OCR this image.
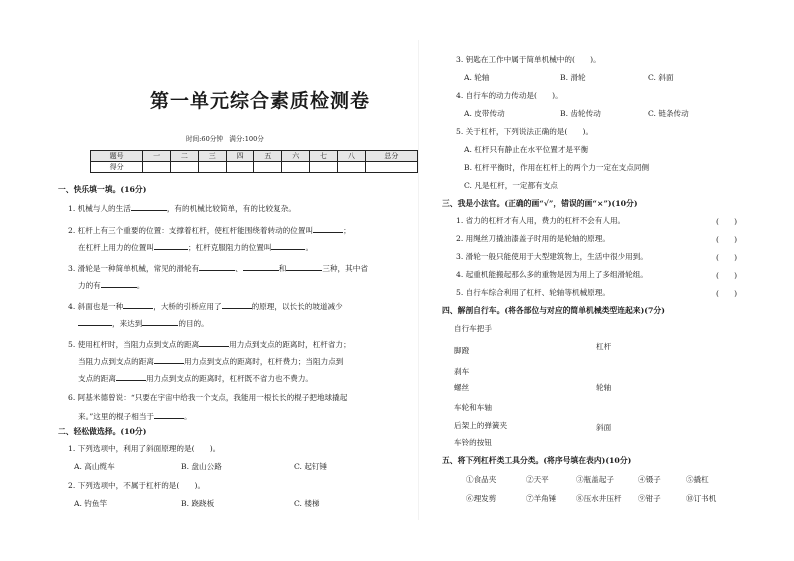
第一单元综合素质检测卷
时间:60分钟 满分:100分
题号	一	二	三	四	五	六	七	八	总分
得分									
一、快乐填一填。(16分)
1. 机械与人的生活	，有的机械比较简单，有的比较复杂。
2. 杠杆上有三个重要的位置：支撑着杠杆，使杠杆能围绕着转动的位置叫	；
在杠杆上用力的位置叫	；杠杆克服阻力的位置叫	。
3. 滑轮是一种简单机械，常见的滑轮有	、	和	三种，其中省
力的有	。
4. 斜面也是一种	，大桥的引桥应用了	的原理，以长长的坡道减少
，来达到	的目的。
5. 使用杠杆时，当阻力点到支点的距离	用力点到支点的距离时，杠杆省力；
当阻力点到支点的距离	用力点到支点的距离时，杠杆费力；当阻力点到
支点的距离	用力点到支点的距离时，杠杆既不省力也不费力。
6. 阿基米德曾说：“只要在宇宙中给我一个支点，我能用一根长长的棍子把地球撬起
来。”这里的棍子相当于	。
二、轻松做选择。(10分)
1. 下列选项中，利用了斜面原理的是(　　)。
A. 高山缆车	B. 盘山公路	C. 起钉锤
2. 下列选项中，不属于杠杆的是(　　)。
A. 钓鱼竿	B. 跷跷板	C. 楼梯
3. 钥匙在工作中属于简单机械中的(　　)。
A. 轮轴	B. 滑轮	C. 斜面
4. 自行车的动力传动是(　　)。
A. 皮带传动	B. 齿轮传动	C. 链条传动
5. 关于杠杆，下列说法正确的是(　　)。
A. 杠杆只有静止在水平位置才是平衡
B. 杠杆平衡时，作用在杠杆上的两个力一定在支点同侧
C. 凡是杠杆，一定都有支点
三、我是小法官。(正确的画“√”，错误的画“×”)(10分)
1. 省力的杠杆才有人用，费力的杠杆不会有人用。	(　　)
2. 用绳丝刀撬油漆盖子时用的是轮轴的原理。	(　　)
3. 滑轮一般只能使用于大型建筑物上，生活中很少用到。	(　　)
4. 起重机能搬起那么多的重物是因为用上了多组滑轮组。	(　　)
5. 自行车综合利用了杠杆、轮轴等机械原理。	(　　)
四、解剖自行车。(将各部位与对应的简单机械类型连起来)(7分)
自行车把手
脚蹬
刹车
螺丝
车轮和车轴
后架上的弹簧夹
车铃的按钮
杠杆
轮轴
斜面
五、将下列杠杆类工具分类。(将序号填在表内)(10分)
①食品夹	②天平	③瓶盖起子	④镊子	⑤撬杠
⑥理发剪	⑦羊角锤	⑧压水井压杆 ⑨钳子	⑩订书机
